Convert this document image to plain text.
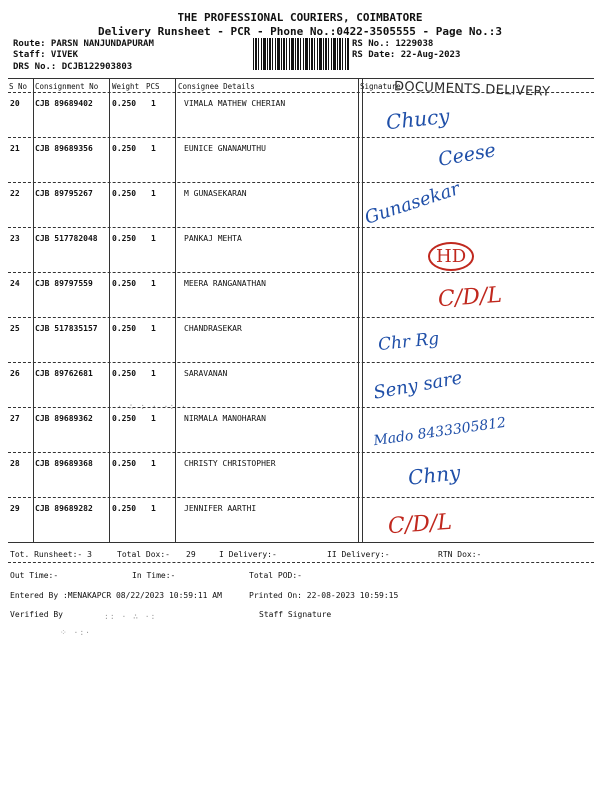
THE PROFESSIONAL COURIERS, COIMBATORE
Delivery Runsheet - PCR - Phone No.:0422-3505555 - Page No.:3
Route: PARSN NANJUNDAPURAM
Staff: VIVEK
DRS No.: DCJB122903803
RS No.: 1229038
RS Date: 22-Aug-2023
S No Consignment No Weight PCS Consignee Details	Signature
DOCUMENTS DELIVERY
20 CJB 89689402 0.250 1	VIMALA MATHEW CHERIAN
Chucy
21 CJB 89689356 0.250 1	EUNICE GNANAMUTHU	Ceese
22 CJB 89795267 0.250 1	M GUNASEKARAN	Gunasekar
23 CJB 517782048 0.250 1	PANKAJ MEHTA
HD
24 CJB 89797559 0.250 1	MEERA RANGANATHAN	C/D/L
25 CJB 517835157 0.250 1	CHANDRASEKAR
Chr Rg
26 CJB 89762681 0.250 1	SARAVANAN	Seny sare
27 CJB 89689362 0.250 1	NIRMALA MANOHARAN	Mado 8433305812
28 CJB 89689368 0.250 1	CHRISTY CHRISTOPHER	Chny
29 CJB 89689282 0.250 1	JENNIFER AARTHI
C/D/L
Tot. Runsheet:- 3	Total Dox:- 29	I Delivery:-	II Delivery:-	RTN Dox:-
Out Time:-	In Time:-	Total POD:-
Entered By :MENAKAPCR 08/22/2023 10:59:11 AM	Printed On: 22-08-2023 10:59:15
Verified By	Staff Signature
· ∴ : · ·: ·
⁘ ·:·
:: · ∴ ·:
